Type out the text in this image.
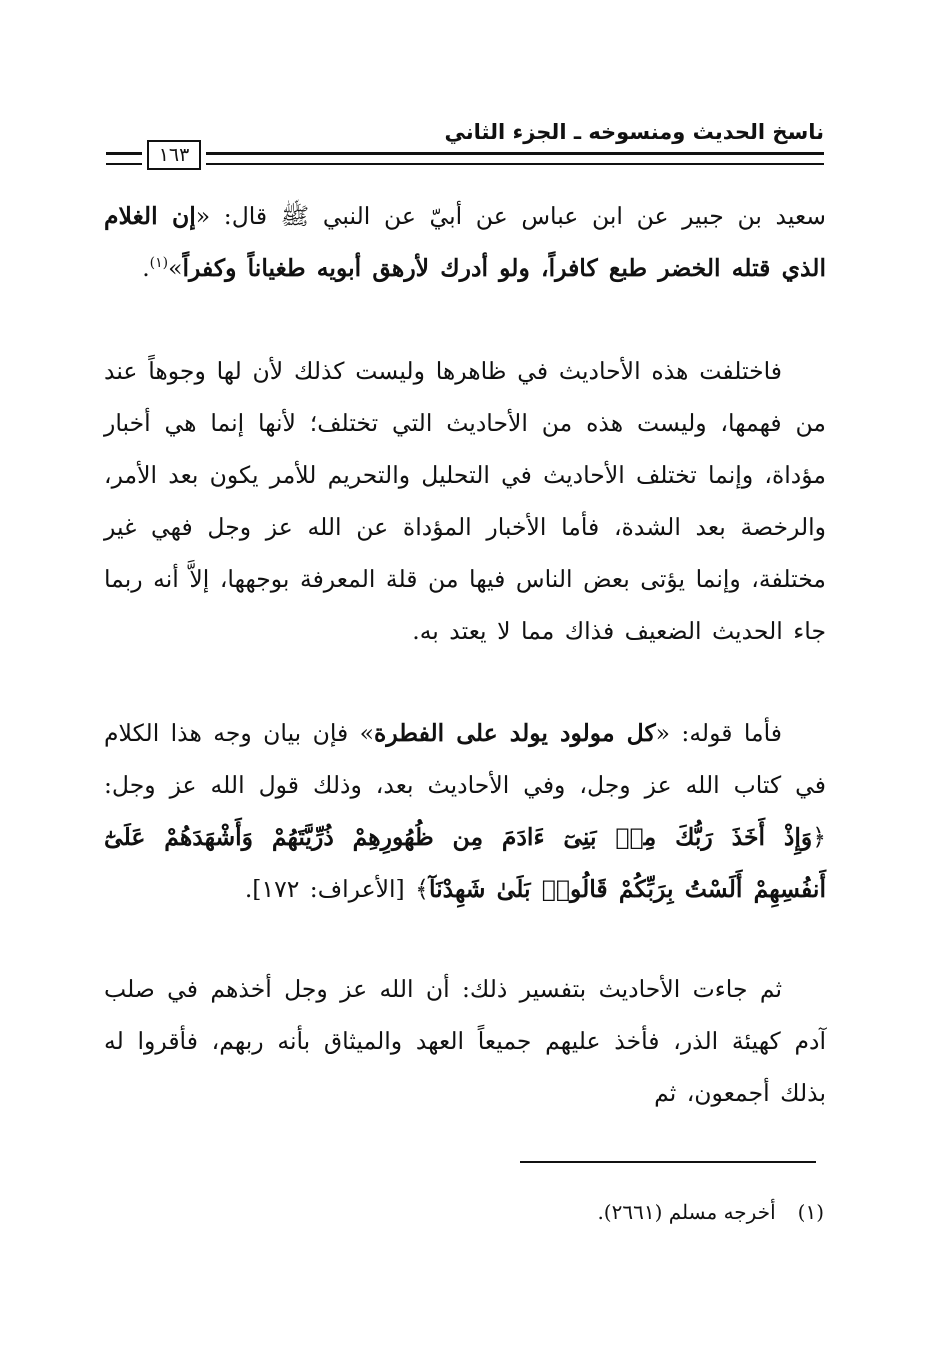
ناسخ الحديث ومنسوخه ـ الجزء الثاني
١٦٣

سعيد بن جبير عن ابن عباس عن أبيّ عن النبي ﷺ قال: «إن الغلام الذي قتله الخضر طبع كافراً، ولو أدرك لأرهق أبويه طغياناً وكفراً»$^{(١)}$.

فاختلفت هذه الأحاديث في ظاهرها وليست كذلك لأن لها وجوهاً عند من فهمها، وليست هذه من الأحاديث التي تختلف؛ لأنها إنما هي أخبار مؤداة، وإنما تختلف الأحاديث في التحليل والتحريم للأمر يكون بعد الأمر، والرخصة بعد الشدة، فأما الأخبار المؤداة عن الله عز وجل فهي غير مختلفة، وإنما يؤتى بعض الناس فيها من قلة المعرفة بوجهها، إلاَّ أنه ربما جاء الحديث الضعيف فذاك مما لا يعتد به.

فأما قوله: «كل مولود يولد على الفطرة» فإن بيان وجه هذا الكلام في كتاب الله عز وجل، وفي الأحاديث بعد، وذلك قول الله عز وجل: ﴿وَإِذْ أَخَذَ رَبُّكَ مِنۢ بَنِىٓ ءَادَمَ مِن ظُهُورِهِمْ ذُرِّيَّتَهُمْ وَأَشْهَدَهُمْ عَلَىٰٓ أَنفُسِهِمْ أَلَسْتُ بِرَبِّكُمْ قَالُوا۟ بَلَىٰ شَهِدْنَآ﴾ [الأعراف: ١٧٢].

ثم جاءت الأحاديث بتفسير ذلك: أن الله عز وجل أخذهم في صلب آدم كهيئة الذر، فأخذ عليهم جميعاً العهد والميثاق بأنه ربهم، فأقروا له بذلك أجمعون، ثم

(١)أخرجه مسلم (٢٦٦١).
